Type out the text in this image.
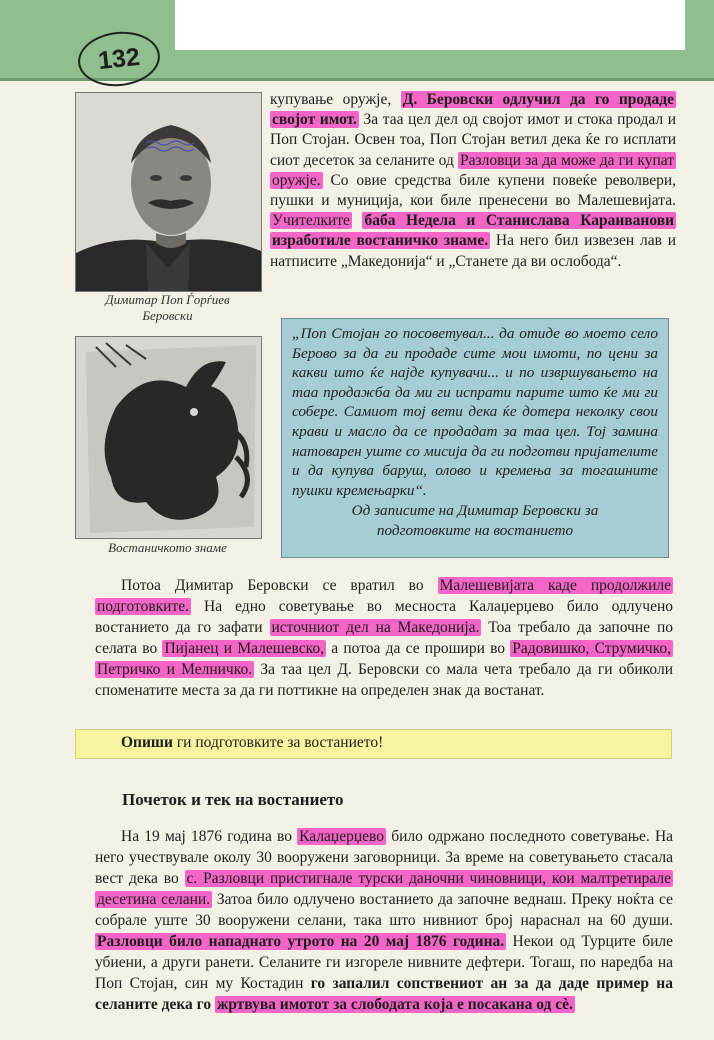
132
Димитар Поп Ѓорѓиев
Беровски
Востаничкото знаме

купување оружје, Д. Беровски одлучил да го продаде својот имот. За таа цел дел од својот имот и стока продал и Поп Стојан. Освен тоа, Поп Стојан ветил дека ќе го исплати сиот десеток за селаните од Разловци за да може да ги купат оружје. Со овие средства биле купени повеќе револвери, пушки и муниција, кои биле пренесени во Малешевијата. Учителките баба Недела и Станислава Караиванови изработиле востаничко знаме. На него бил извезен лав и натписите „Македонија“ и „Станете да ви ослобода“.

„Поп Стојан го посоветувал... да отиде во моето село Берово за да ги продаде сите мои имоти, по цени за какви што ќе најде купувачи... и по извршувањето на таа продажба да ми ги испрати парите што ќе ми ги собере. Самиот тој вети дека ќе дотера неколку свои крави и масло да се продадат за таа цел. Тој замина натоварен уште со мисија да ги подготви пријателите и да купува баруш, олово и кремења за тогашните пушки кремењарки“.
Од записите на Димитар Беровски за
подготовките на востанието

Потоа Димитар Беровски се вратил во Малешевијата каде продолжиле подготовките. На едно советување во месноста Калаџерџево било одлучено востанието да го зафати источниот дел на Македонија. Тоа требало да започне по селата во Пијанец и Малешевско, а потоа да се прошири во Радовишко, Струмичко, Петричко и Мелничко. За таа цел Д. Беровски со мала чета требало да ги обиколи споменатите места за да ги поттикне на определен знак да востанат.

Опиши ги подготовките за востанието!
Почеток и тек на востанието

На 19 мај 1876 година во Калаџерџево било одржано последното советување. На него учествувале околу 30 вооружени заговорници. За време на советувањето стасала вест дека во с. Разловци пристигнале турски даночни чиновници, кои малтретирале десетина селани. Затоа било одлучено востанието да започне веднаш. Преку ноќта се собрале уште 30 вооружени селани, така што нивниот број нараснал на 60 души. Разловци било нападнато утрото на 20 мај 1876 година. Некои од Турците биле убиени, а други ранети. Селаните ги изгореле нивните дефтери. Тогаш, по наредба на Поп Стојан, син му Костадин го запалил сопствениот ан за да даде пример на селаните дека го жртвува имотот за слободата која е посакана од сè.
